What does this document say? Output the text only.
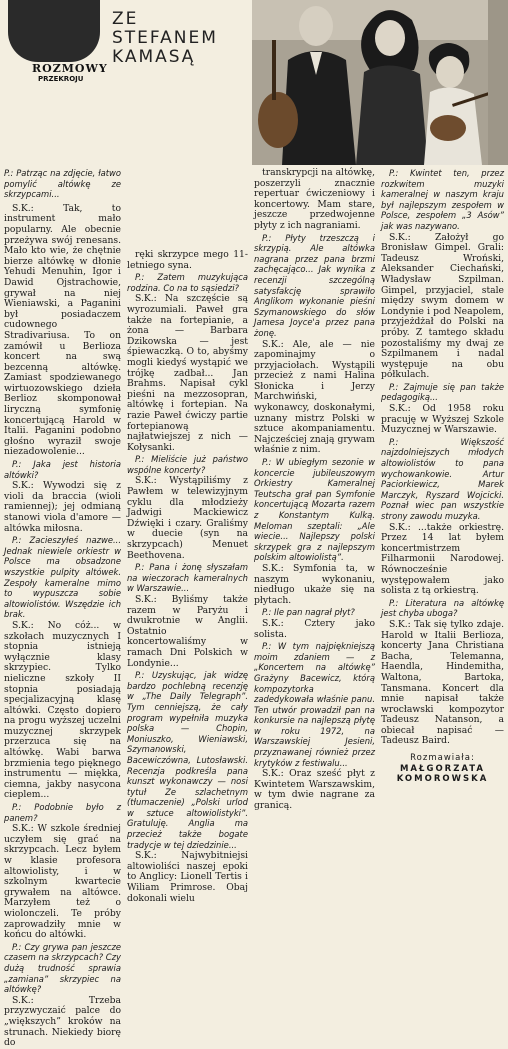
ROZMOWY
PRZEKROJU
ZE
STEFANEM
KAMASĄ
P.: Patrząc na zdjęcie, łatwo pomylić altówkę ze skrzypcami...

S.K.: Tak, to instrument mało popularny. Ale obecnie przeżywa swój renesans. Mało kto wie, że chętnie bierze altówkę w dłonie Yehudi Menuhin, Igor i Dawid Ojstrachowie, grywał na niej Wieniawski, a Paganini był posiadaczem cudownego Stradivariusa. To on zamówił u Berlioza koncert na swą bezcenną altówkę. Zamiast spodziewanego wirtuozowskiego dzieła Berlioz skomponował liryczną symfonię koncertującą Harold w Italii. Paganini podobno głośno wyraził swoje niezadowolenie...

P.: Jaka jest historia altówki?

S.K.: Wywodzi się z violi da braccia (wioli ramiennej); jej odmianą stanowi viola d'amore — altówka miłosna.

P.: Zacieszyłeś nazwe... Jednak niewiele orkiestr w Polsce ma obsadzone wszystkie pulpity altówek. Zespoły kameralne mimo to wypuszcza sobie altowiolistów. Wszędzie ich brak.

S.K.: No cóż... w szkołach muzycznych I stopnia istnieją wyłącznie klasy skrzypiec. Tylko nieliczne szkoły II stopnia posiadają specjalizacyjną klasę altówki. Często dopiero na progu wyższej uczelni muzycznej skrzypek przerzuca się na altówkę. Wabi barwa brzmienia tego pięknego instrumentu — miękka, ciemna, jakby nasycona cieplem...

P.: Podobnie było z panem?

S.K.: W szkole średniej uczyłem się grać na skrzypcach. Lecz byłem w klasie profesora altowiolisty, i w szkolnym kwartecie grywałem na altówce. Marzyłem też o wiolonczeli. Te próby zaprowadziły mnie w końcu do altówki.

P.: Czy grywa pan jeszcze czasem na skrzypcach? Czy dużą trudność sprawia „zamiana” skrzypiec na altówkę?

S.K.: Trzeba przyzwyczaić palce do „większych” kroków na strunach. Niekiedy biorę do

ręki skrzypce mego 11-letniego syna.

P.: Zatem muzykująca rodzina. Co na to sąsiedzi?

S.K.: Na szczęście są wyrozumiali. Paweł gra także na fortepianie, a żona — Barbara Dzikowska — jest śpiewaczką. O to, abyśmy mogli kiedyś wystąpić we trójkę zadbał... Jan Brahms. Napisał cykl pieśni na mezzosopran, altówkę i fortepian. Na razie Paweł ćwiczy partie fortepianową najłatwiejszej z nich — Kołysanki.

P.: Mieliście już państwo wspólne koncerty?

S.K.: Wystąpiliśmy z Pawłem w telewizyjnym cyklu dla młodzieży Jadwigi Mackiewicz Dźwięki i czary. Graliśmy w duecie (syn na skrzypcach) Menuet Beethovena.

P.: Pana i żonę słyszałam na wieczorach kameralnych w Warszawie...

S.K.: Byliśmy także razem w Paryżu i dwukrotnie w Anglii. Ostatnio koncertowaliśmy w ramach Dni Polskich w Londynie...

P.: Uzyskując, jak widzę bardzo pochlebną recenzję w „The Daily Telegraph”. Tym cenniejszą, że cały program wypełniła muzyka polska — Chopin, Moniuszko, Wieniawski, Szymanowski, Bacewiczówna, Lutosławski. Recenzja podkreśla pana kunszt wykonawczy — nosi tytuł Ze szlachetnym (tłumaczenie) „Polski urlod w sztuce altowiolistyki”. Gratuluję. Anglia ma przecież także bogate tradycje w tej dziedzinie...

S.K.: Najwybitniejsi altowioliści naszej epoki to Anglicy: Lionell Tertis i Wiliam Primrose. Obaj dokonali wielu

transkrypcji na altówkę, poszerzyli znacznie repertuar ćwiczeniowy i koncertowy. Mam stare, jeszcze przedwojenne płyty z ich nagraniami.

P.: Płyty trzeszczą i skrzypią. Ale altówka nagrana przez pana brzmi zachęcająco... Jak wynika z recenzji szczególną satysfakcję sprawiło Anglikom wykonanie pieśni Szymanowskiego do słów Jamesa Joyce'a przez pana żonę.

S.K.: Ale, ale — nie zapominajmy o przyjaciołach. Wystąpili przecież z nami Halina Słonicka i Jerzy Marchwiński, wykonawcy, doskonałymi, uznany mistrz Polski w sztuce akompaniamentu. Najcześciej znają grywam właśnie z nim.

P.: W ubiegłym sezonie w koncercie jubileuszowym Orkiestry Kameralnej Teutscha grał pan Symfonie koncertującą Mozarta razem z Konstantym Kulką. Meloman szeptali: „Ale wiecie... Najlepszy polski skrzypek gra z najlepszym polskim altowiolistą”.

S.K.: Symfonia ta, w naszym wykonaniu, niedługo ukaże się na płytach.

P.: Ile pan nagrał płyt?

S.K.: Cztery jako solista.

P.: W tym najpiękniejszą moim zdaniem — z „Koncertem na altówkę” Grażyny Bacewicz, którą kompozytorka zadedykowała właśnie panu. Ten utwór prowadził pan na konkursie na najlepszą płytę w roku 1972, na Warszawskiej Jesieni, przyznawanej również przez krytyków z festiwalu...

S.K.: Oraz sześć płyt z Kwintetem Warszawskim, w tym dwie nagrane za granicą.

P.: Kwintet ten, przez rozkwitem muzyki kameralnej w naszym kraju był najlepszym zespołem w Polsce, zespołem „3 Asów” jak was nazywano.

S.K.: Założył go Bronisław Gimpel. Grali: Tadeusz Wroński, Aleksander Ciechański, Władysław Szpilman. Gimpel, przyjaciel, stale między swym domem w Londynie i pod Neapolem, przyjeżdżał do Polski na próby. Z tamtego składu pozostaliśmy my dwaj ze Szpilmanem i nadal występuje na obu półkulach.

P.: Zajmuje się pan także pedagogiką...

S.K.: Od 1958 roku pracuję w Wyższej Szkole Muzycznej w Warszawie.

P.: Większość najzdolniejszych młodych altowiolistów to pana wychowankowie. Artur Paciorkiewicz, Marek Marczyk, Ryszard Wojcicki. Poznał wiec pan wszystkie strony zawodu muzyka.

S.K.: ...także orkiestrę. Przez 14 lat byłem koncertmistrzem Filharmonii Narodowej. Równocześnie występowałem jako solista z tą orkiestrą.

P.: Literatura na altówkę jest chyba uboga?

S.K.: Tak się tylko zdaje. Harold w Italii Berlioza, koncerty Jana Christiana Bacha, Telemanna, Haendla, Hindemitha, Waltona, Bartoka, Tansmana. Koncert dla mnie napisał także wrocławski kompozytor Tadeusz Natanson, a obiecał napisać — Tadeusz Baird.

Rozmawiała:
MAŁGORZATA KOMOROWSKA
